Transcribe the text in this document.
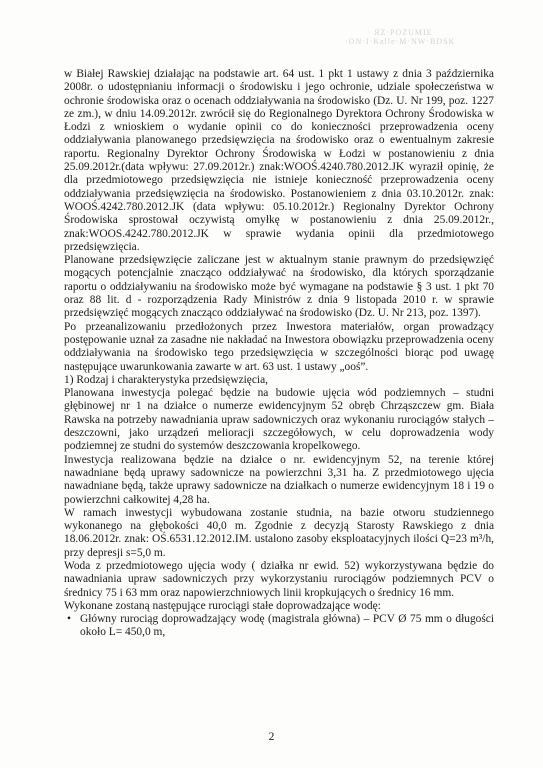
· ЯZ·POZUMIE
·ON·I·Kalle·M·NW·BDSK

w Białej Rawskiej działając na podstawie art. 64 ust. 1 pkt 1 ustawy z dnia 3 października 2008r. o udostępnianiu informacji o środowisku i jego ochronie, udziale społeczeństwa w ochronie środowiska oraz o ocenach oddziaływania na środowisko (Dz. U. Nr 199, poz. 1227 ze zm.), w dniu 14.09.2012r. zwrócił się do Regionalnego Dyrektora Ochrony Środowiska w Łodzi z wnioskiem o wydanie opinii co do konieczności przeprowadzenia oceny oddziaływania planowanego przedsięwzięcia na środowisko oraz o ewentualnym zakresie raportu. Regionalny Dyrektor Ochrony Środowiska w Łodzi w postanowieniu z dnia 25.09.2012r.(data wpływu: 27.09.2012r.) znak:WOOŚ.4240.780.2012.JK wyraził opinię, że dla przedmiotowego przedsięwzięcia nie istnieje konieczność przeprowadzenia oceny oddziaływania przedsięwzięcia na środowisko. Postanowieniem z dnia 03.10.2012r. znak: WOOŚ.4242.780.2012.JK (data wpływu: 05.10.2012r.) Regionalny Dyrektor Ochrony Środowiska sprostował oczywistą omyłkę w postanowieniu z dnia 25.09.2012r., znak:WOOS.4242.780.2012.JK w sprawie wydania opinii dla przedmiotowego przedsięwzięcia.

Planowane przedsięwzięcie zaliczane jest w aktualnym stanie prawnym do przedsięwzięć mogących potencjalnie znacząco oddziaływać na środowisko, dla których sporządzanie raportu o oddziaływaniu na środowisko może być wymagane na podstawie § 3 ust. 1 pkt 70 oraz 88 lit. d - rozporządzenia Rady Ministrów z dnia 9 listopada 2010 r. w sprawie przedsięwzięć mogących znacząco oddziaływać na środowisko (Dz. U. Nr 213, poz. 1397).

Po przeanalizowaniu przedłożonych przez Inwestora materiałów, organ prowadzący postępowanie uznał za zasadne nie nakładać na Inwestora obowiązku przeprowadzenia oceny oddziaływania na środowisko tego przedsięwzięcia w szczególności biorąc pod uwagę następujące uwarunkowania zawarte w art. 63 ust. 1 ustawy „ooś”.

1) Rodzaj i charakterystyka przedsięwzięcia,

Planowana inwestycja polegać będzie na budowie ujęcia wód podziemnych – studni głębinowej nr 1 na działce o numerze ewidencyjnym 52 obręb Chrząszczew gm. Biała Rawska na potrzeby nawadniania upraw sadowniczych oraz wykonaniu rurociągów stałych – deszczowni, jako urządzeń melioracji szczegółowych, w celu doprowadzenia wody podziemnej ze studni do systemów deszczowania kropelkowego.

Inwestycja realizowana będzie na działce o nr. ewidencyjnym 52, na terenie której nawadniane będą uprawy sadownicze na powierzchni 3,31 ha. Z przedmiotowego ujęcia nawadniane będą, także uprawy sadownicze na działkach o numerze ewidencyjnym 18 i 19 o powierzchni całkowitej 4,28 ha.

W ramach inwestycji wybudowana zostanie studnia, na bazie otworu studziennego wykonanego na głębokości 40,0 m. Zgodnie z decyzją Starosty Rawskiego z dnia 18.06.2012r. znak: OŚ.6531.12.2012.IM. ustalono zasoby eksploatacyjnych ilości Q=23 m³/h, przy depresji s=5,0 m.

Woda z przedmiotowego ujęcia wody ( działka nr ewid. 52) wykorzystywana będzie do nawadniania upraw sadowniczych przy wykorzystaniu rurociągów podziemnych PCV o średnicy 75 i 63 mm oraz napowierzchniowych linii kropkujących o średnicy 16 mm.

Wykonane zostaną następujące rurociągi stałe doprowadzające wodę:

• Główny rurociąg doprowadzający wodę (magistrala główna) – PCV Ø 75 mm o długości około L= 450,0 m,
2
